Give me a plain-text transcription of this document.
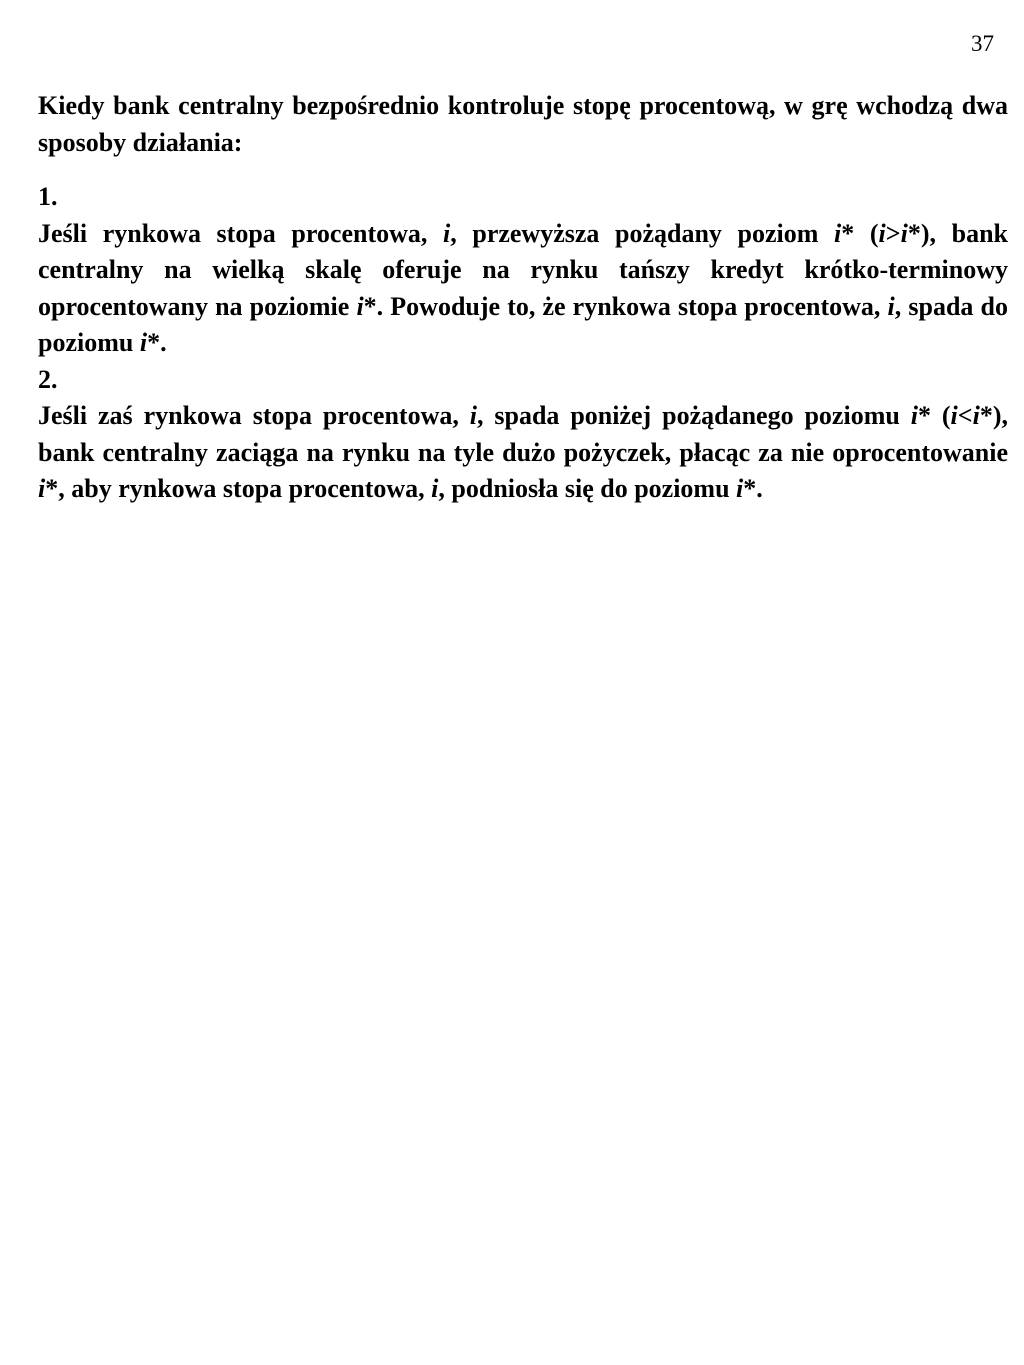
37

Kiedy bank centralny bezpośrednio kontroluje stopę procentową, w grę wchodzą dwa sposoby działania:

1.

Jeśli rynkowa stopa procentowa, i, przewyższa pożądany poziom i* (i>i*), bank centralny na wielką skalę oferuje na rynku tańszy kredyt krótko-terminowy oprocentowany na poziomie i*. Powoduje to, że rynkowa stopa procentowa, i, spada do poziomu i*.

2.

Jeśli zaś rynkowa stopa procentowa, i, spada poniżej pożądanego poziomu i* (i<i*), bank centralny zaciąga na rynku na tyle dużo pożyczek, płacąc za nie oprocentowanie i*, aby rynkowa stopa procentowa, i, podniosła się do poziomu i*.
